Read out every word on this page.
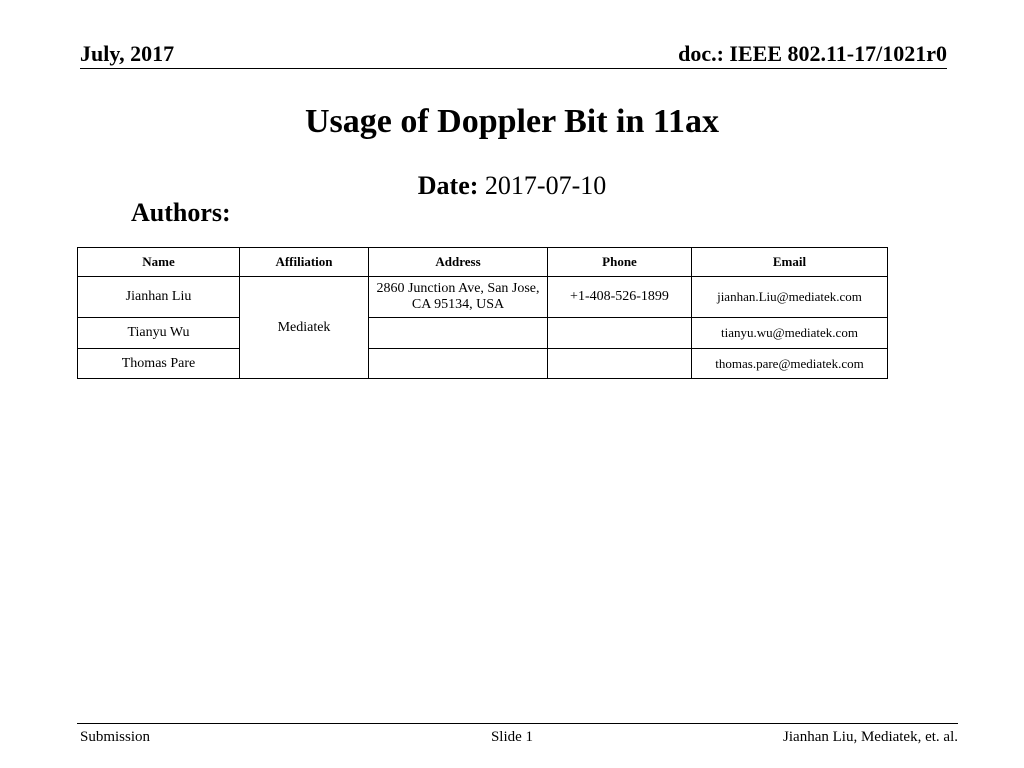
July, 2017	doc.: IEEE 802.11-17/1021r0
Usage of Doppler Bit in 11ax
Date: 2017-07-10
Authors:
Name	Affiliation	Address	Phone	Email
Jianhan Liu	Mediatek	2860 Junction Ave, San Jose, CA 95134, USA	+1-408-526-1899	jianhan.Liu@mediatek.com
Tianyu Wu				tianyu.wu@mediatek.com
Thomas Pare				thomas.pare@mediatek.com
Submission	Slide 1	Jianhan Liu, Mediatek, et. al.
